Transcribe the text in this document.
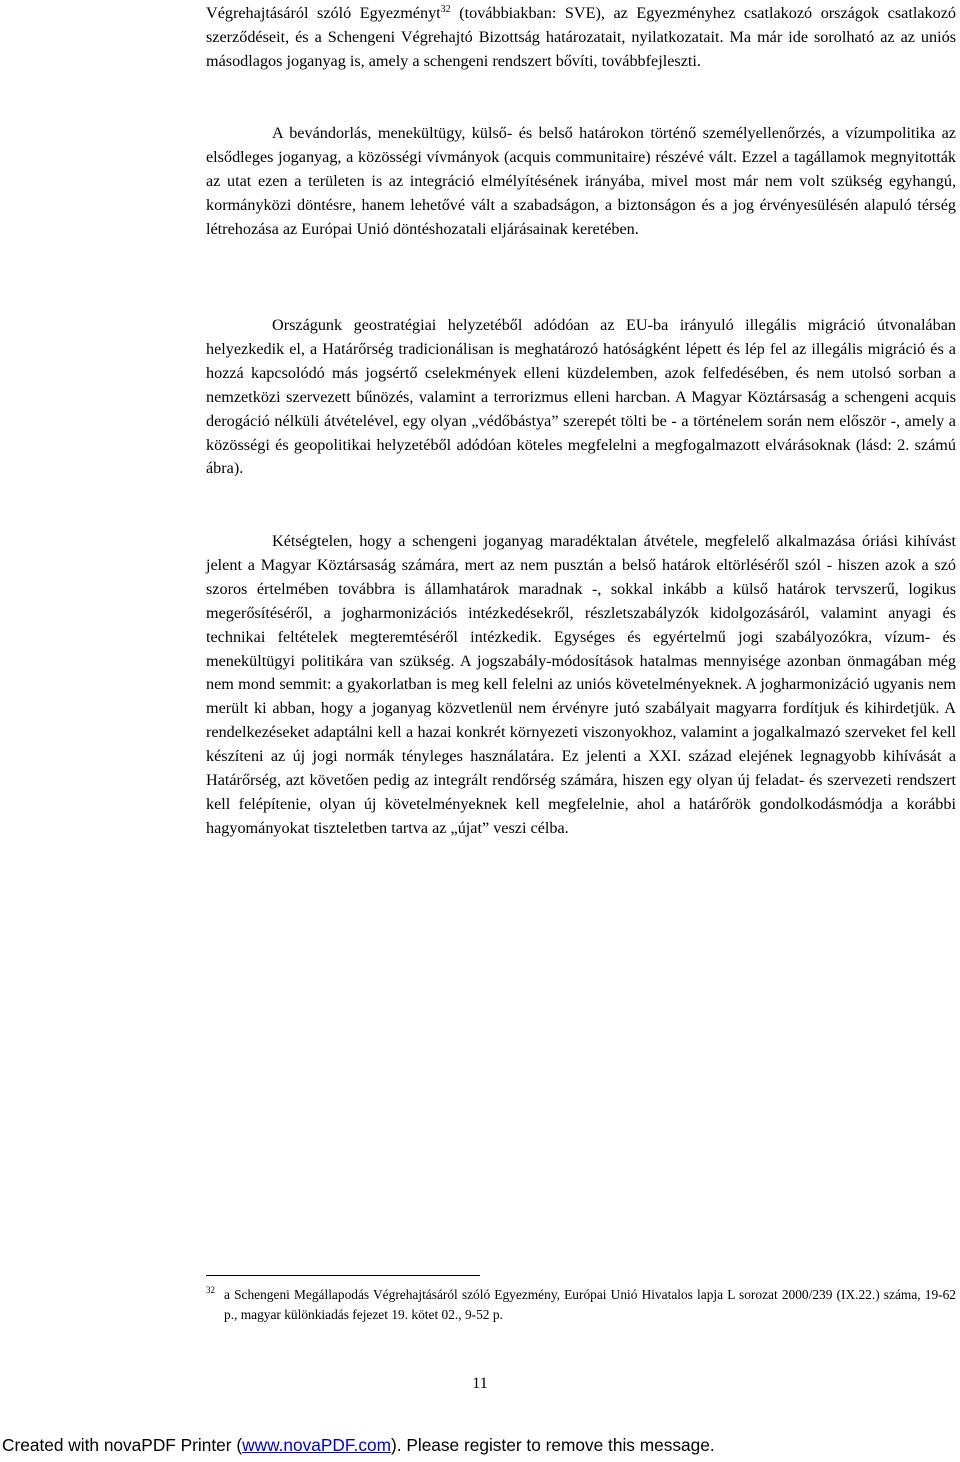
Végrehajtásáról szóló Egyezményt$^{32}$ (továbbiakban: SVE), az Egyezményhez csatlakozó országok csatlakozó szerződéseit, és a Schengeni Végrehajtó Bizottság határozatait, nyilatkozatait. Ma már ide sorolható az az uniós másodlagos joganyag is, amely a schengeni rendszert bővíti, továbbfejleszti.

A bevándorlás, menekültügy, külső- és belső határokon történő személyellenőrzés, a vízumpolitika az elsődleges joganyag, a közösségi vívmányok (acquis communitaire) részévé vált. Ezzel a tagállamok megnyitották az utat ezen a területen is az integráció elmélyítésének irányába, mivel most már nem volt szükség egyhangú, kormányközi döntésre, hanem lehetővé vált a szabadságon, a biztonságon és a jog érvényesülésén alapuló térség létrehozása az Európai Unió döntéshozatali eljárásainak keretében.

Országunk geostratégiai helyzetéből adódóan az EU-ba irányuló illegális migráció útvonalában helyezkedik el, a Határőrség tradicionálisan is meghatározó hatóságként lépett és lép fel az illegális migráció és a hozzá kapcsolódó más jogsértő cselekmények elleni küzdelemben, azok felfedésében, és nem utolsó sorban a nemzetközi szervezett bűnözés, valamint a terrorizmus elleni harcban. A Magyar Köztársaság a schengeni acquis derogáció nélküli átvételével, egy olyan „védőbástya” szerepét tölti be - a történelem során nem először -, amely a közösségi és geopolitikai helyzetéből adódóan köteles megfelelni a megfogalmazott elvárásoknak (lásd: 2. számú ábra).

Kétségtelen, hogy a schengeni joganyag maradéktalan átvétele, megfelelő alkalmazása óriási kihívást jelent a Magyar Köztársaság számára, mert az nem pusztán a belső határok eltörléséről szól - hiszen azok a szó szoros értelmében továbbra is államhatárok maradnak -, sokkal inkább a külső határok tervszerű, logikus megerősítéséről, a jogharmonizációs intézkedésekről, részletszabályzók kidolgozásáról, valamint anyagi és technikai feltételek megteremtéséről intézkedik. Egységes és egyértelmű jogi szabályozókra, vízum- és menekültügyi politikára van szükség. A jogszabály-módosítások hatalmas mennyisége azonban önmagában még nem mond semmit: a gyakorlatban is meg kell felelni az uniós követelményeknek. A jogharmonizáció ugyanis nem merült ki abban, hogy a joganyag közvetlenül nem érvényre jutó szabályait magyarra fordítjuk és kihirdetjük. A rendelkezéseket adaptálni kell a hazai konkrét környezeti viszonyokhoz, valamint a jogalkalmazó szerveket fel kell készíteni az új jogi normák tényleges használatára. Ez jelenti a XXI. század elejének legnagyobb kihívását a Határőrség, azt követően pedig az integrált rendőrség számára, hiszen egy olyan új feladat- és szervezeti rendszert kell felépítenie, olyan új követelményeknek kell megfelelnie, ahol a határőrök gondolkodásmódja a korábbi hagyományokat tiszteletben tartva az „újat” veszi célba.

32 a Schengeni Megállapodás Végrehajtásáról szóló Egyezmény, Európai Unió Hivatalos lapja L sorozat 2000/239 (IX.22.) száma, 19-62 p., magyar különkiadás fejezet 19. kötet 02., 9-52 p.

11
Created with novaPDF Printer (www.novaPDF.com). Please register to remove this message.
